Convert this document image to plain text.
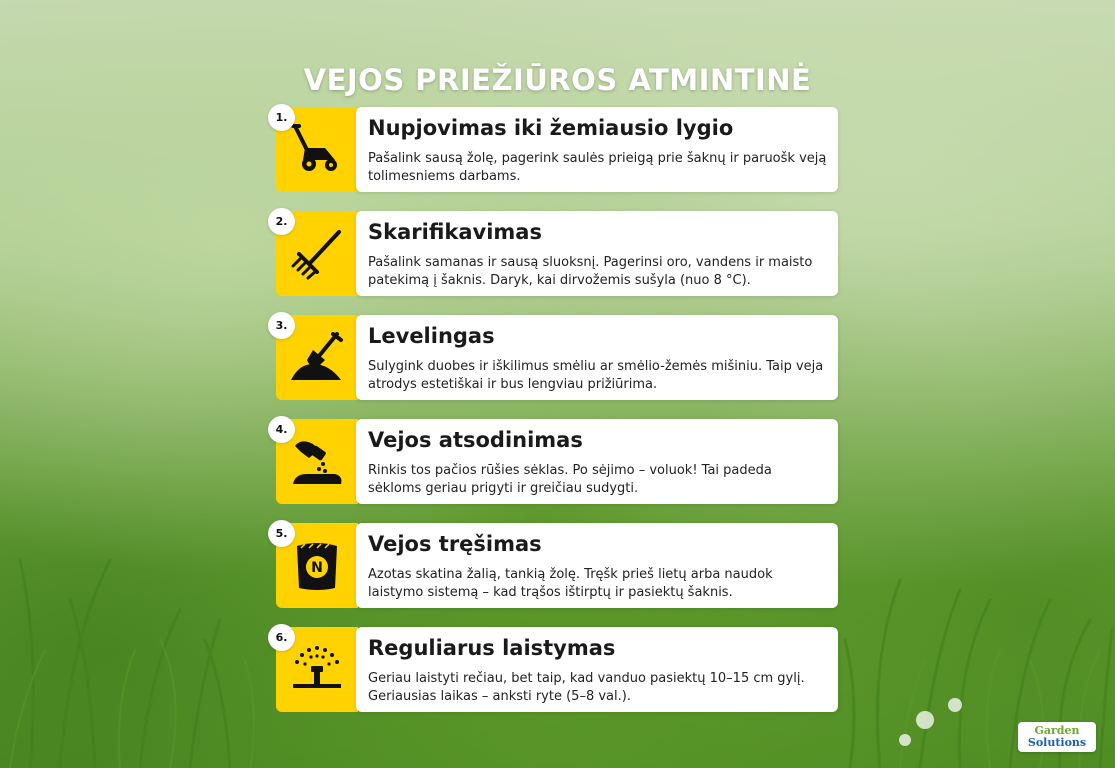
VEJOS PRIEŽIŪROS ATMINTINĖ
Nupjovimas iki žemiausio lygio

Pašalink sausą žolę, pagerink saulės prieigą prie šaknų ir paruošk veją tolimesniems darbams.

1.
Skarifikavimas

Pašalink samanas ir sausą sluoksnį. Pagerinsi oro, vandens ir maisto patekimą į šaknis. Daryk, kai dirvožemis sušyla (nuo 8 °C).

2.
Levelingas

Sulygink duobes ir iškilimus smėliu ar smėlio-žemės mišiniu. Taip veja atrodys estetiškai ir bus lengviau prižiūrima.

3.
Vejos atsodinimas

Rinkis tos pačios rūšies sėklas. Po sėjimo – voluok! Tai padeda sėkloms geriau prigyti ir greičiau sudygti.

4.
N
Vejos tręšimas

Azotas skatina žalią, tankią žolę. Tręšk prieš lietų arba naudok laistymo sistemą – kad trąšos ištirptų ir pasiektų šaknis.

5.
Reguliarus laistymas

Geriau laistyti rečiau, bet taip, kad vanduo pasiektų 10–15 cm gylį. Geriausias laikas – anksti ryte (5–8 val.).

6.
Garden
Solutions
